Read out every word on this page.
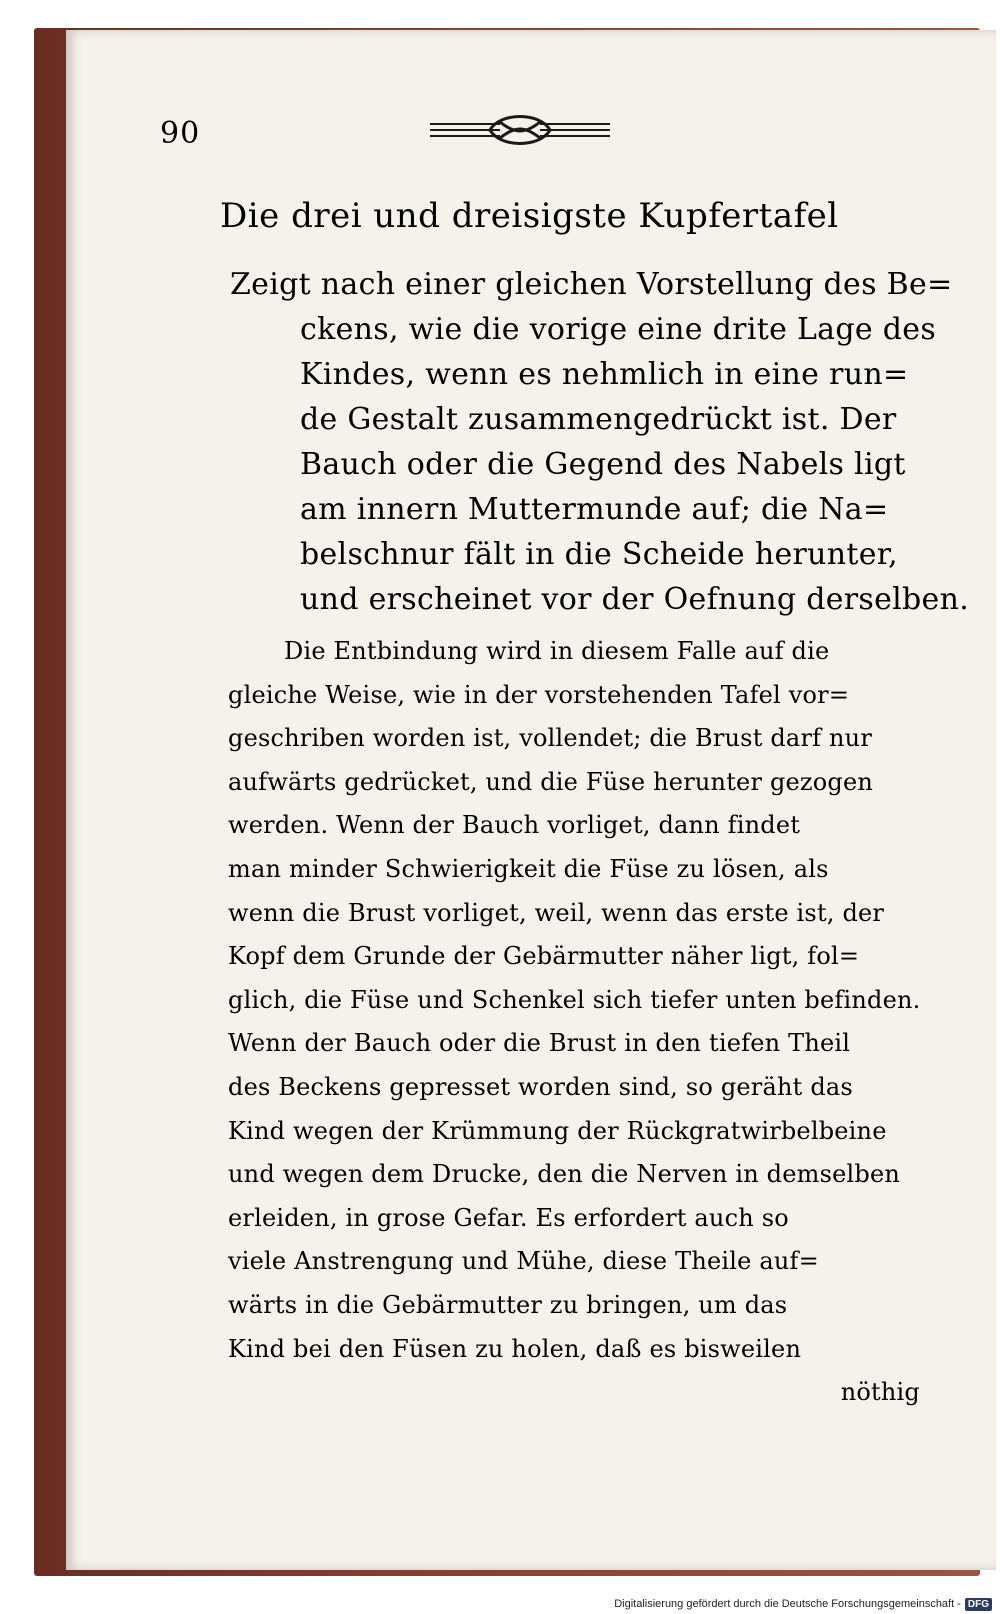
90
Die drei und dreisigste Kupfertafel
Zeigt nach einer gleichen Vorstellung des Be=
ckens, wie die vorige eine drite Lage des
Kindes, wenn es nehmlich in eine run=
de Gestalt zusammengedrückt ist. Der
Bauch oder die Gegend des Nabels ligt
am innern Muttermunde auf; die Na=
belschnur fält in die Scheide herunter,
und erscheinet vor der Oefnung derselben.
Die Entbindung wird in diesem Falle auf die
gleiche Weise, wie in der vorstehenden Tafel vor=
geschriben worden ist, vollendet; die Brust darf nur
aufwärts gedrücket, und die Füse herunter gezogen
werden. Wenn der Bauch vorliget, dann findet
man minder Schwierigkeit die Füse zu lösen, als
wenn die Brust vorliget, weil, wenn das erste ist, der
Kopf dem Grunde der Gebärmutter näher ligt, fol=
glich, die Füse und Schenkel sich tiefer unten befinden.
Wenn der Bauch oder die Brust in den tiefen Theil
des Beckens gepresset worden sind, so geräht das
Kind wegen der Krümmung der Rückgratwirbelbeine
und wegen dem Drucke, den die Nerven in demselben
erleiden, in grose Gefar. Es erfordert auch so
viele Anstrengung und Mühe, diese Theile auf=
wärts in die Gebärmutter zu bringen, um das
Kind bei den Füsen zu holen, daß es bisweilen
nöthig
Digitalisierung gefördert durch die Deutsche Forschungsgemeinschaft - DFG
